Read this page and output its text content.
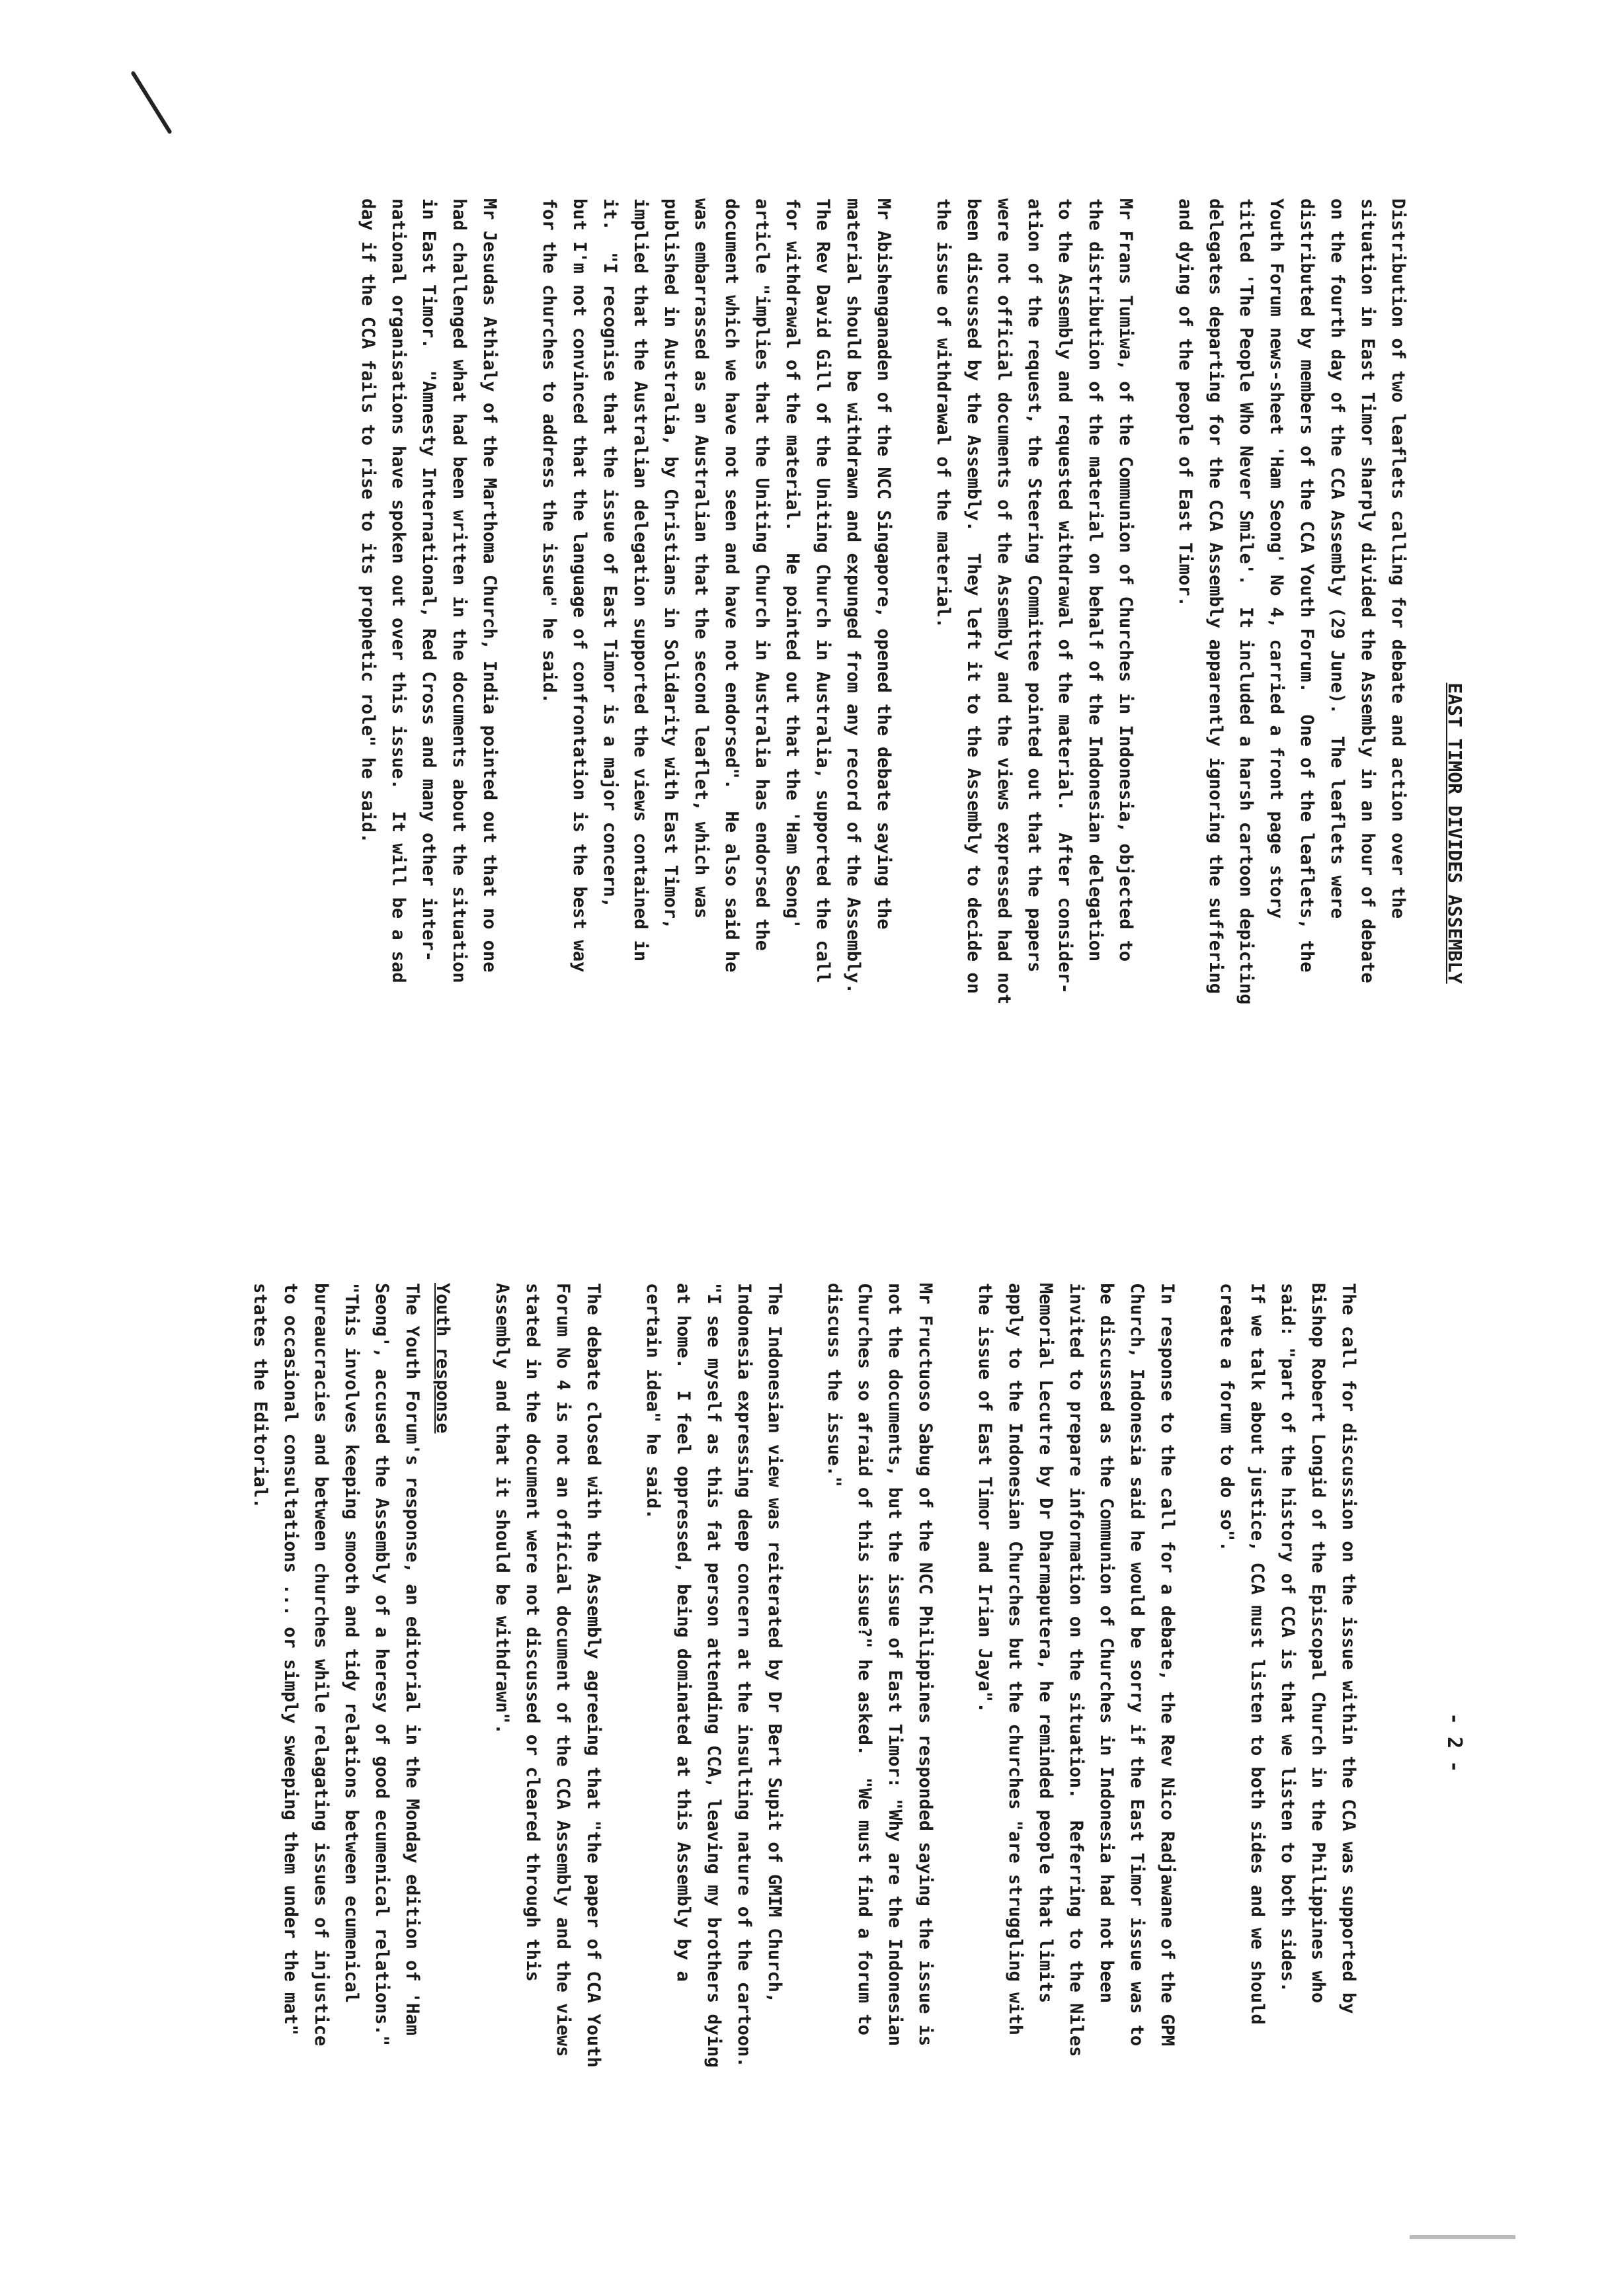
EAST TIMOR DIVIDES ASSEMBLY
- 2 -

Distribution of two leaflets calling for debate and action over the
situation in East Timor sharply divided the Assembly in an hour of debate
on the fourth day of the CCA Assembly (29 June).  The leaflets were
distributed by members of the CCA Youth Forum.  One of the leaflets, the
Youth Forum news-sheet 'Ham Seong' No 4, carried a front page story
titled 'The People Who Never Smile'.  It included a harsh cartoon depicting
delegates departing for the CCA Assembly apparently ignoring the suffering
and dying of the people of East Timor.

Mr Frans Tumiwa, of the Communion of Churches in Indonesia, objected to
the distribution of the material on behalf of the Indonesian delegation
to the Assembly and requested withdrawal of the material.  After consider-
ation of the request, the Steering Committee pointed out that the papers
were not official documents of the Assembly and the views expressed had not
been discussed by the Assembly.  They left it to the Assembly to decide on
the issue of withdrawal of the material.

Mr Abishenganaden of the NCC Singapore, opened the debate saying the
material should be withdrawn and expunged from any record of the Assembly.
The Rev David Gill of the Uniting Church in Australia, supported the call
for withdrawal of the material.  He pointed out that the 'Ham Seong'
article "implies that the Uniting Church in Australia has endorsed the
document which we have not seen and have not endorsed".  He also said he
was embarrassed as an Australian that the second leaflet, which was
published in Australia, by Christians in Solidarity with East Timor,
implied that the Australian delegation supported the views contained in
it.  "I recognise that the issue of East Timor is a major concern,
but I'm not convinced that the language of confrontation is the best way
for the churches to address the issue" he said.

Mr Jesudas Athialy of the Marthoma Church, India pointed out that no one
had challenged what had been written in the documents about the situation
in East Timor.  "Amnesty International, Red Cross and many other inter-
national organisations have spoken out over this issue.  It will be a sad
day if the CCA fails to rise to its prophetic role" he said.

The call for discussion on the issue within the CCA was supported by
Bishop Robert Longid of the Episcopal Church in the Philippines who
said: "part of the history of CCA is that we listen to both sides.
If we talk about justice, CCA must listen to both sides and we should
create a forum to do so".

In response to the call for a debate, the Rev Nico Radjawane of the GPM
Church, Indonesia said he would be sorry if the East Timor issue was to
be discussed as the Communion of Churches in Indonesia had not been
invited to prepare information on the situation.  Referring to the Niles
Memorial Lecutre by Dr Dharmaputera, he reminded people that limits
apply to the Indonesian Churches but the churches "are struggling with
the issue of East Timor and Irian Jaya".

Mr Fructuoso Sabug of the NCC Philippines responded saying the issue is
not the documents, but the issue of East Timor: "Why are the Indonesian
Churches so afraid of this issue?" he asked.  "We must find a forum to
discuss the issue."

The Indonesian view was reiterated by Dr Bert Supit of GMIM Church,
Indonesia expressing deep concern at the insulting nature of the cartoon.
"I see myself as this fat person attending CCA, leaving my brothers dying
at home.  I feel oppressed, being dominated at this Assembly by a
certain idea" he said.

The debate closed with the Assembly agreeing that "the paper of CCA Youth
Forum No 4 is not an official document of the CCA Assembly and the views
stated in the document were not discussed or cleared through this
Assembly and that it should be withdrawn".

Youth response
The Youth Forum's response, an editorial in the Monday edition of 'Ham
Seong', accused the Assembly of a heresy of good ecumenical relations."
"This involves keeping smooth and tidy relations between ecumenical
bureaucracies and between churches while relagating issues of injustice
to occasional consultations ... or simply sweeping them under the mat"
states the Editorial.
